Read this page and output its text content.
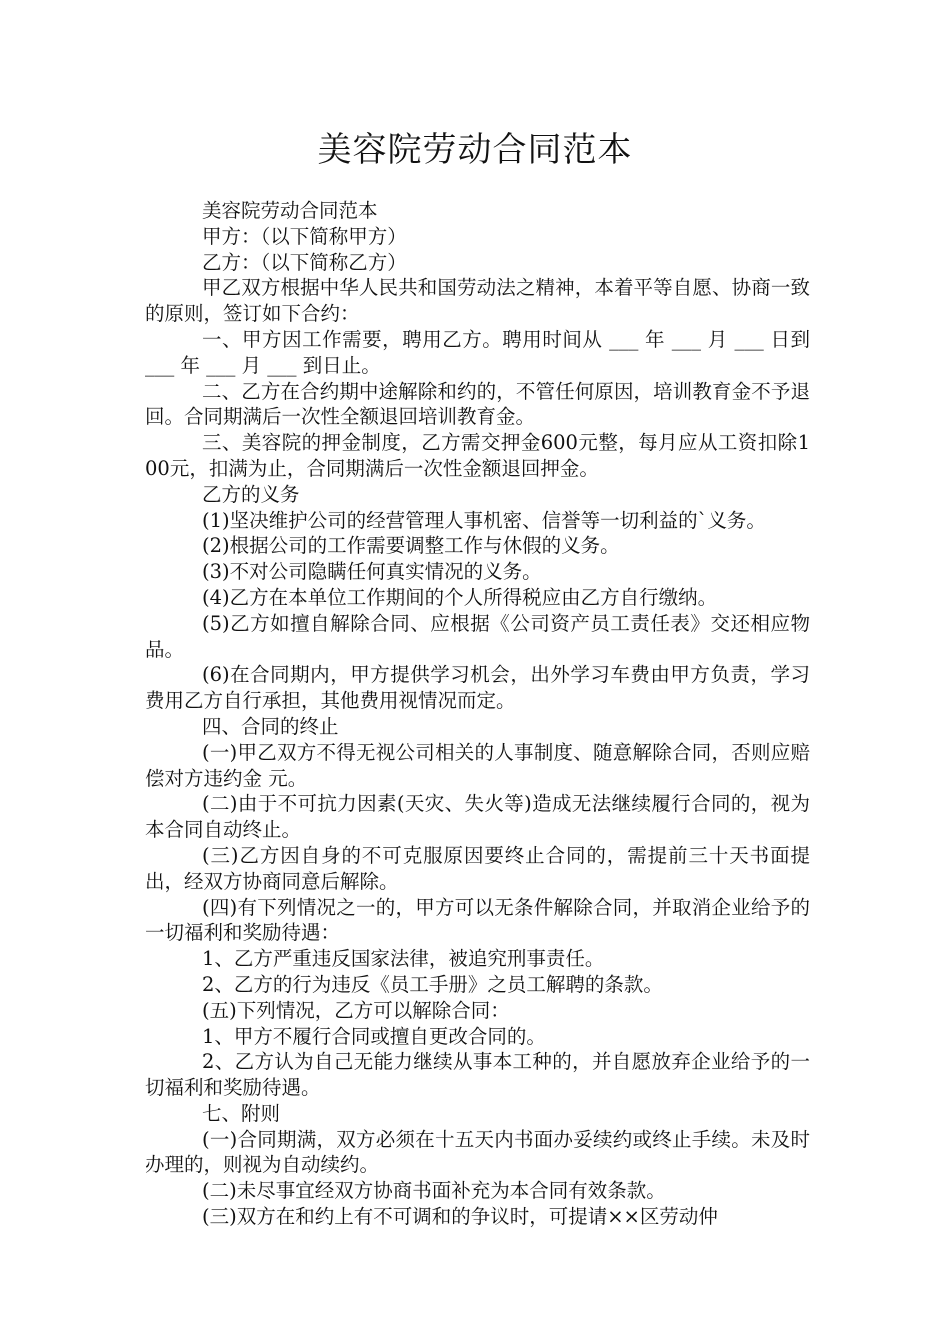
美容院劳动合同范本

美容院劳动合同范本

甲方：（以下简称甲方）

乙方：（以下简称乙方）

甲乙双方根据中华人民共和国劳动法之精神，本着平等自愿、协商一致的原则，签订如下合约：

一、甲方因工作需要，聘用乙方。聘用时间从 ___ 年 ___ 月 ___ 日到 ___ 年 ___ 月 ___ 到日止。

二、乙方在合约期中途解除和约的，不管任何原因，培训教育金不予退回。合同期满后一次性全额退回培训教育金。

三、美容院的押金制度，乙方需交押金600元整，每月应从工资扣除100元，扣满为止，合同期满后一次性金额退回押金。

乙方的义务

(1)坚决维护公司的经营管理人事机密、信誉等一切利益的`义务。

(2)根据公司的工作需要调整工作与休假的义务。

(3)不对公司隐瞒任何真实情况的义务。

(4)乙方在本单位工作期间的个人所得税应由乙方自行缴纳。

(5)乙方如擅自解除合同、应根据《公司资产员工责任表》交还相应物品。

(6)在合同期内，甲方提供学习机会，出外学习车费由甲方负责，学习费用乙方自行承担，其他费用视情况而定。

四、合同的终止

(一)甲乙双方不得无视公司相关的人事制度、随意解除合同，否则应赔偿对方违约金 元。

(二)由于不可抗力因素(天灾、失火等)造成无法继续履行合同的，视为本合同自动终止。

(三)乙方因自身的不可克服原因要终止合同的，需提前三十天书面提出，经双方协商同意后解除。

(四)有下列情况之一的，甲方可以无条件解除合同，并取消企业给予的一切福利和奖励待遇：

1、乙方严重违反国家法律，被追究刑事责任。

2、乙方的行为违反《员工手册》之员工解聘的条款。

(五)下列情况，乙方可以解除合同：

1、甲方不履行合同或擅自更改合同的。

2、乙方认为自己无能力继续从事本工种的，并自愿放弃企业给予的一切福利和奖励待遇。

七、附则

(一)合同期满，双方必须在十五天内书面办妥续约或终止手续。未及时办理的，则视为自动续约。

(二)未尽事宜经双方协商书面补充为本合同有效条款。

(三)双方在和约上有不可调和的争议时，可提请××区劳动仲
